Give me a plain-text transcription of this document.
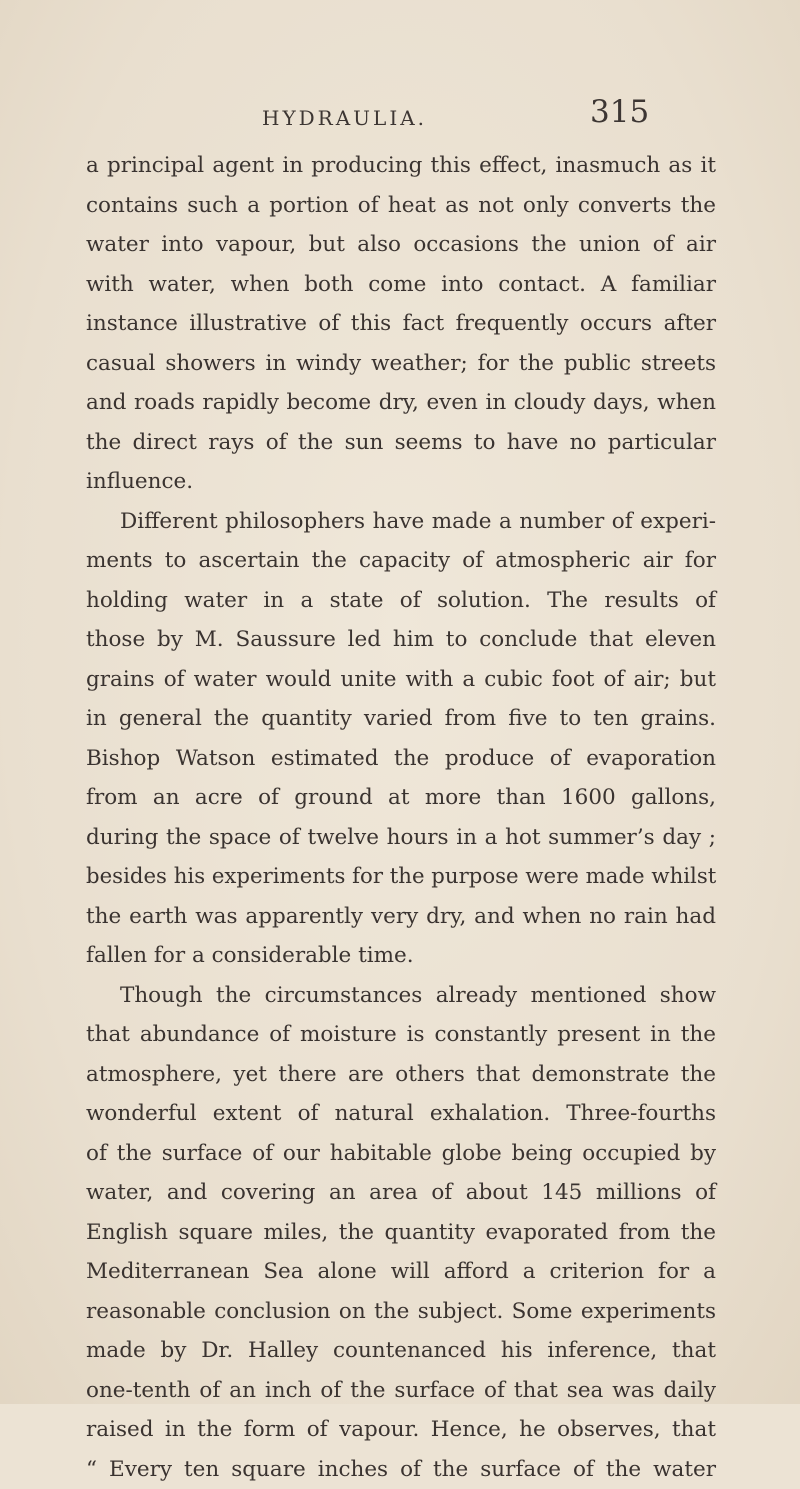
HYDRAULIA.	315
a principal agent in producing this effect, inasmuch as it
contains such a portion of heat as not only converts the
water into vapour, but also occasions the union of air
with water, when both come into contact. A familiar
instance illustrative of this fact frequently occurs after
casual showers in windy weather; for the public streets
and roads rapidly become dry, even in cloudy days, when
the direct rays of the sun seems to have no particular
influence.
Different philosophers have made a number of experi-
ments to ascertain the capacity of atmospheric air for
holding water in a state of solution. The results of
those by M. Saussure led him to conclude that eleven
grains of water would unite with a cubic foot of air; but
in general the quantity varied from five to ten grains.
Bishop Watson estimated the produce of evaporation
from an acre of ground at more than 1600 gallons,
during the space of twelve hours in a hot summer’s day ;
besides his experiments for the purpose were made whilst
the earth was apparently very dry, and when no rain had
fallen for a considerable time.
Though the circumstances already mentioned show
that abundance of moisture is constantly present in the
atmosphere, yet there are others that demonstrate the
wonderful extent of natural exhalation. Three-fourths
of the surface of our habitable globe being occupied by
water, and covering an area of about 145 millions of
English square miles, the quantity evaporated from the
Mediterranean Sea alone will afford a criterion for a
reasonable conclusion on the subject. Some experiments
made by Dr. Halley countenanced his inference, that
one-tenth of an inch of the surface of that sea was daily
raised in the form of vapour. Hence, he observes, that
“ Every ten square inches of the surface of the water
